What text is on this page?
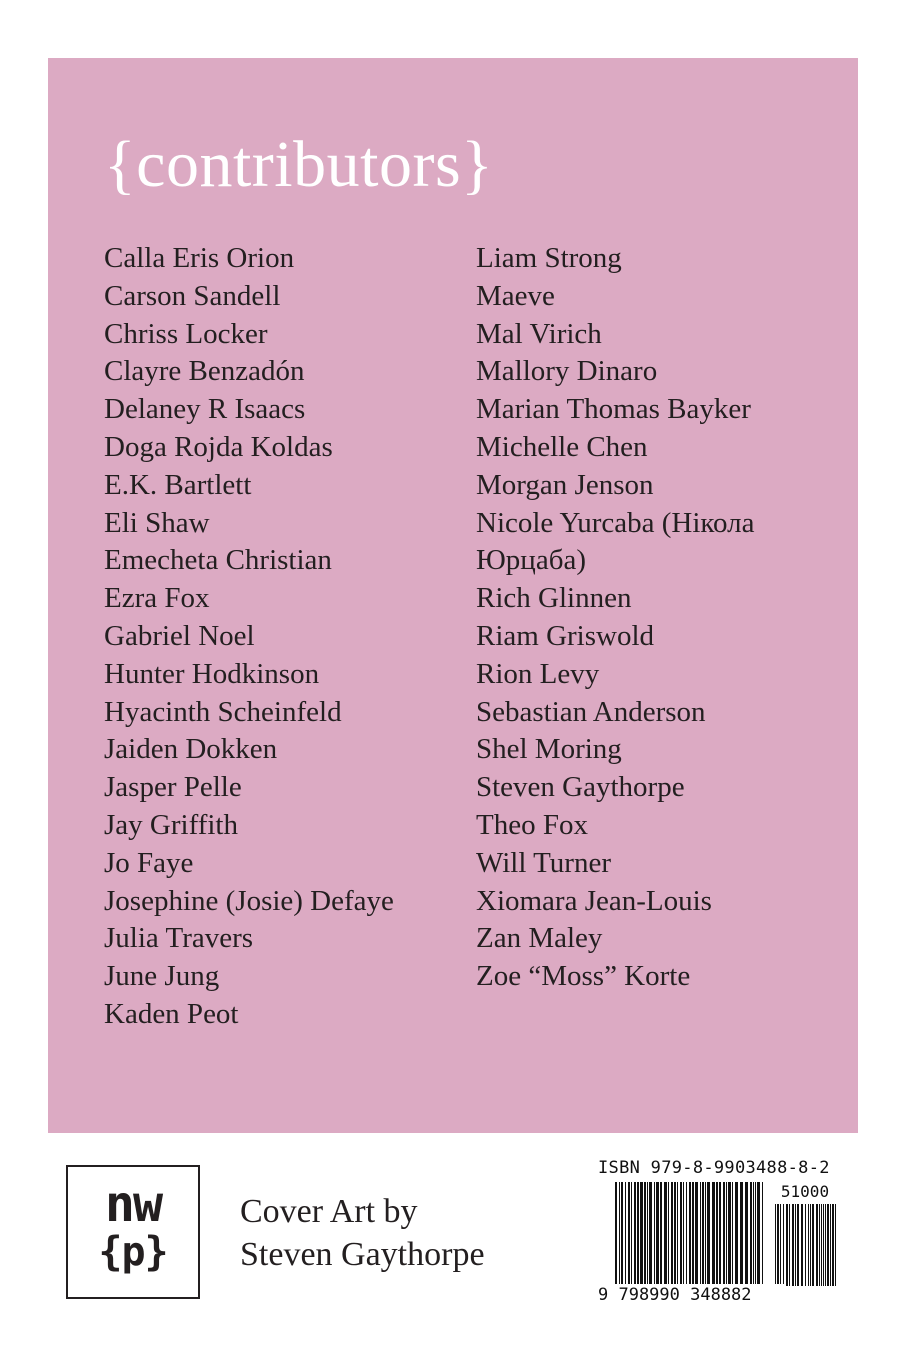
{contributors}
Calla Eris Orion
Carson Sandell
Chriss Locker
Clayre Benzadón
Delaney R Isaacs
Doga Rojda Koldas
E.K. Bartlett
Eli Shaw
Emecheta Christian
Ezra Fox
Gabriel Noel
Hunter Hodkinson
Hyacinth Scheinfeld
Jaiden Dokken
Jasper Pelle
Jay Griffith
Jo Faye
Josephine (Josie) Defaye
Julia Travers
June Jung
Kaden Peot
Liam Strong
Maeve
Mal Virich
Mallory Dinaro
Marian Thomas Bayker
Michelle Chen
Morgan Jenson
Nicole Yurcaba (Нікола
Юрцаба)
Rich Glinnen
Riam Griswold
Rion Levy
Sebastian Anderson
Shel Moring
Steven Gaythorpe
Theo Fox
Will Turner
Xiomara Jean-Louis
Zan Maley
Zoe “Moss” Korte
nw
{p}
Cover Art by
Steven Gaythorpe
ISBN 979-8-9903488-8-2
51000
9 798990 348882
